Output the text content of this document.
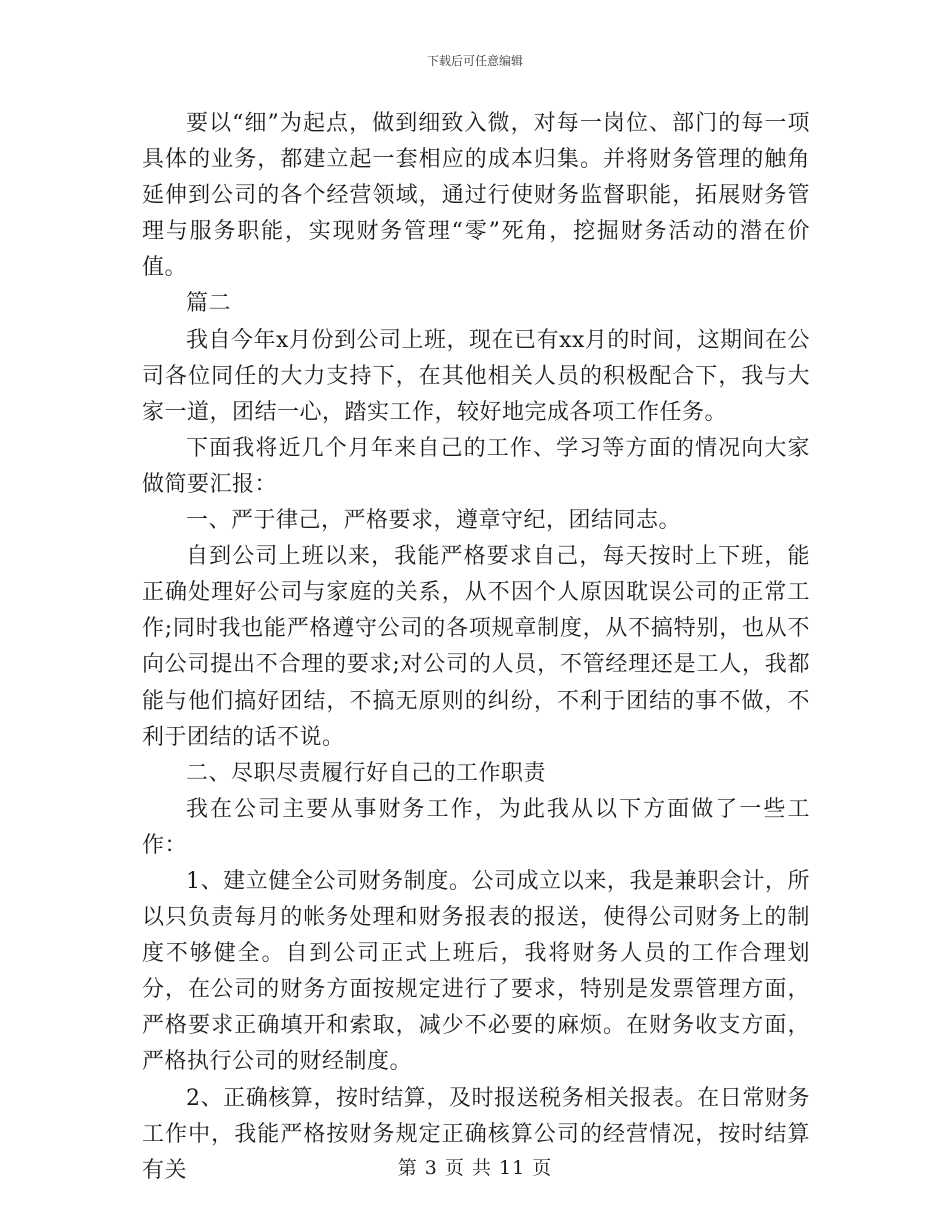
下载后可任意编辑

要以“细”为起点，做到细致入微，对每一岗位、部门的每一项具体的业务，都建立起一套相应的成本归集。并将财务管理的触角延伸到公司的各个经营领域，通过行使财务监督职能，拓展财务管理与服务职能，实现财务管理“零”死角，挖掘财务活动的潜在价值。

篇二

我自今年x月份到公司上班，现在已有xx月的时间，这期间在公司各位同任的大力支持下，在其他相关人员的积极配合下，我与大家一道，团结一心，踏实工作，较好地完成各项工作任务。

下面我将近几个月年来自己的工作、学习等方面的情况向大家做简要汇报：

一、严于律己，严格要求，遵章守纪，团结同志。

自到公司上班以来，我能严格要求自己，每天按时上下班，能正确处理好公司与家庭的关系，从不因个人原因耽误公司的正常工作;同时我也能严格遵守公司的各项规章制度，从不搞特别，也从不向公司提出不合理的要求;对公司的人员，不管经理还是工人，我都能与他们搞好团结，不搞无原则的纠纷，不利于团结的事不做，不利于团结的话不说。

二、尽职尽责履行好自己的工作职责

我在公司主要从事财务工作，为此我从以下方面做了一些工作：

1、建立健全公司财务制度。公司成立以来，我是兼职会计，所以只负责每月的帐务处理和财务报表的报送，使得公司财务上的制度不够健全。自到公司正式上班后，我将财务人员的工作合理划分，在公司的财务方面按规定进行了要求，特别是发票管理方面，严格要求正确填开和索取，减少不必要的麻烦。在财务收支方面，严格执行公司的财经制度。

2、正确核算，按时结算，及时报送税务相关报表。在日常财务工作中，我能严格按财务规定正确核算公司的经营情况，按时结算有关	第 3 页 共 11 页
